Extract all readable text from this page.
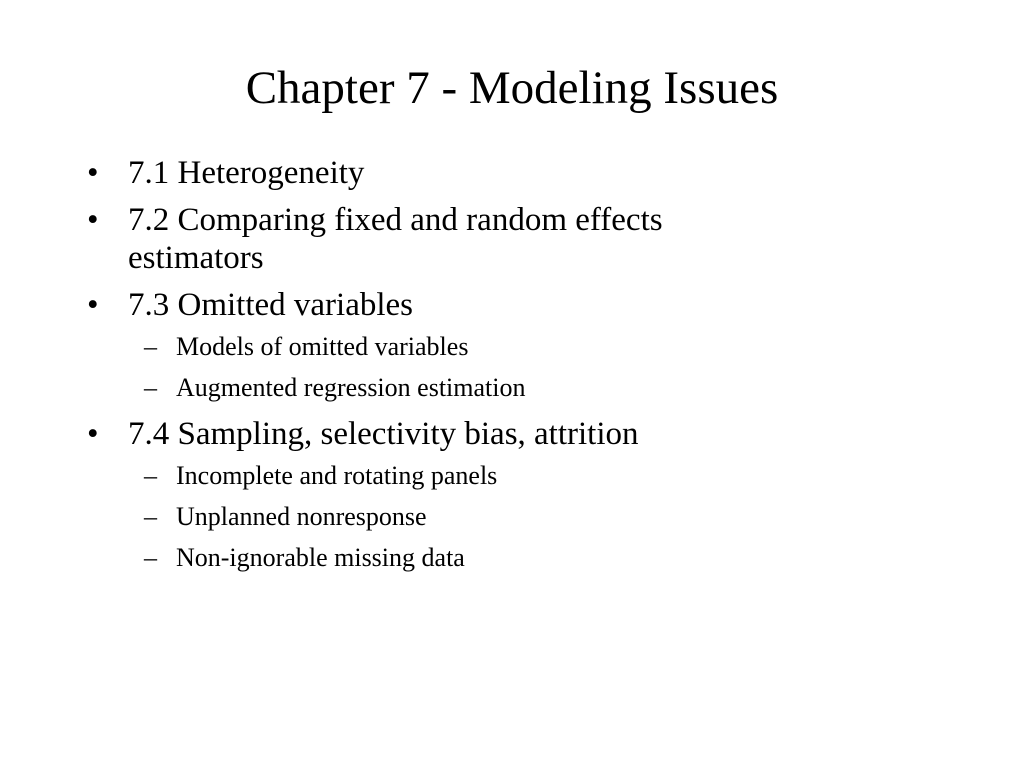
Chapter 7 - Modeling Issues
• 7.1 Heterogeneity
• 7.2 Comparing fixed and random effects
estimators
• 7.3 Omitted variables
– Models of omitted variables
– Augmented regression estimation
• 7.4 Sampling, selectivity bias, attrition
– Incomplete and rotating panels
– Unplanned nonresponse
– Non-ignorable missing data
